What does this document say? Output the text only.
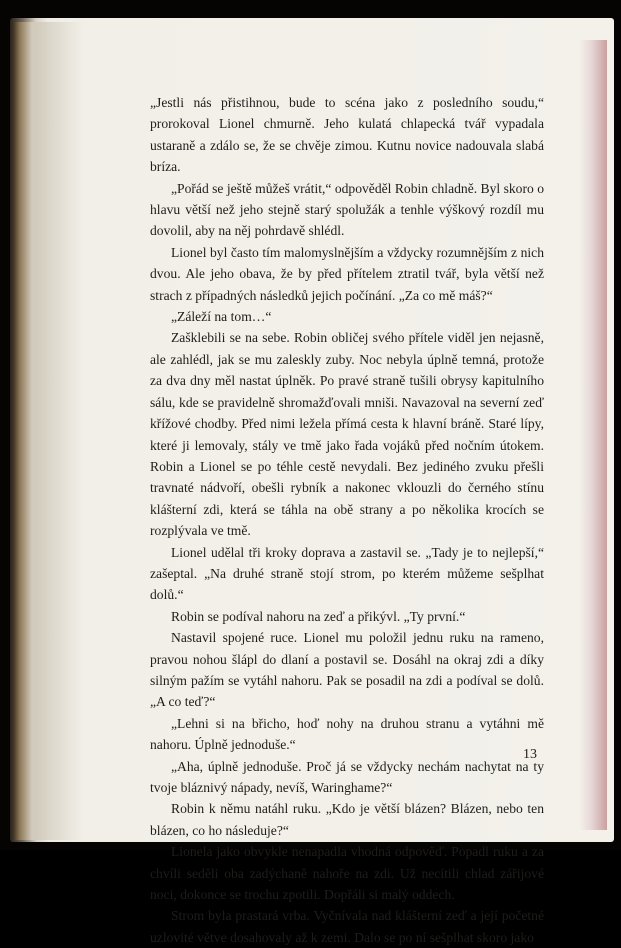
„Jestli nás přistihnou, bude to scéna jako z posledního soudu,“ prorokoval Lionel chmurně. Jeho kulatá chlapecká tvář vypadala ustaraně a zdálo se, že se chvěje zimou. Kutnu novice nadouvala slabá bríza.

„Pořád se ještě můžeš vrátit,“ odpověděl Robin chladně. Byl skoro o hlavu větší než jeho stejně starý spolužák a tenhle výškový rozdíl mu dovolil, aby na něj pohrdavě shlédl.

Lionel byl často tím malomyslnějším a vždycky rozumnějším z nich dvou. Ale jeho obava, že by před přítelem ztratil tvář, byla větší než strach z případných následků jejich počínání. „Za co mě máš?“

„Záleží na tom…“

Zašklebili se na sebe. Robin obličej svého přítele viděl jen nejasně, ale zahlédl, jak se mu zaleskly zuby. Noc nebyla úplně temná, protože za dva dny měl nastat úplněk. Po pravé straně tušili obrysy kapitulního sálu, kde se pravidelně shromažďovali mniši. Navazoval na severní zeď křížové chodby. Před nimi ležela přímá cesta k hlavní bráně. Staré lípy, které ji lemovaly, stály ve tmě jako řada vojáků před nočním útokem. Robin a Lionel se po téhle cestě nevydali. Bez jediného zvuku přešli travnaté nádvoří, obešli rybník a nakonec vklouzli do černého stínu klášterní zdi, která se táhla na obě strany a po několika krocích se rozplývala ve tmě.

Lionel udělal tři kroky doprava a zastavil se. „Tady je to nejlepší,“ zašeptal. „Na druhé straně stojí strom, po kterém můžeme sešplhat dolů.“

Robin se podíval nahoru na zeď a přikývl. „Ty první.“

Nastavil spojené ruce. Lionel mu položil jednu ruku na rameno, pravou nohou šlápl do dlaní a postavil se. Dosáhl na okraj zdi a díky silným pažím se vytáhl nahoru. Pak se posadil na zdi a podíval se dolů. „A co teď?“

„Lehni si na břicho, hoď nohy na druhou stranu a vytáhni mě nahoru. Úplně jednoduše.“

„Aha, úplně jednoduše. Proč já se vždycky nechám nachytat na ty tvoje bláznivý nápady, nevíš, Waringhame?“

Robin k němu natáhl ruku. „Kdo je větší blázen? Blázen, nebo ten blázen, co ho následuje?“

Lionela jako obvykle nenapadla vhodná odpověď. Popadl ruku a za chvíli seděli oba zadýchaně nahoře na zdi. Už necítili chlad zářijové noci, dokonce se trochu zpotili. Dopřáli si malý oddech.

Strom byla prastará vrba. Vyčnívala nad klášterní zeď a její početné uzlovité větve dosahovaly až k zemi. Dalo se po ní sešplhat skoro jako

13
